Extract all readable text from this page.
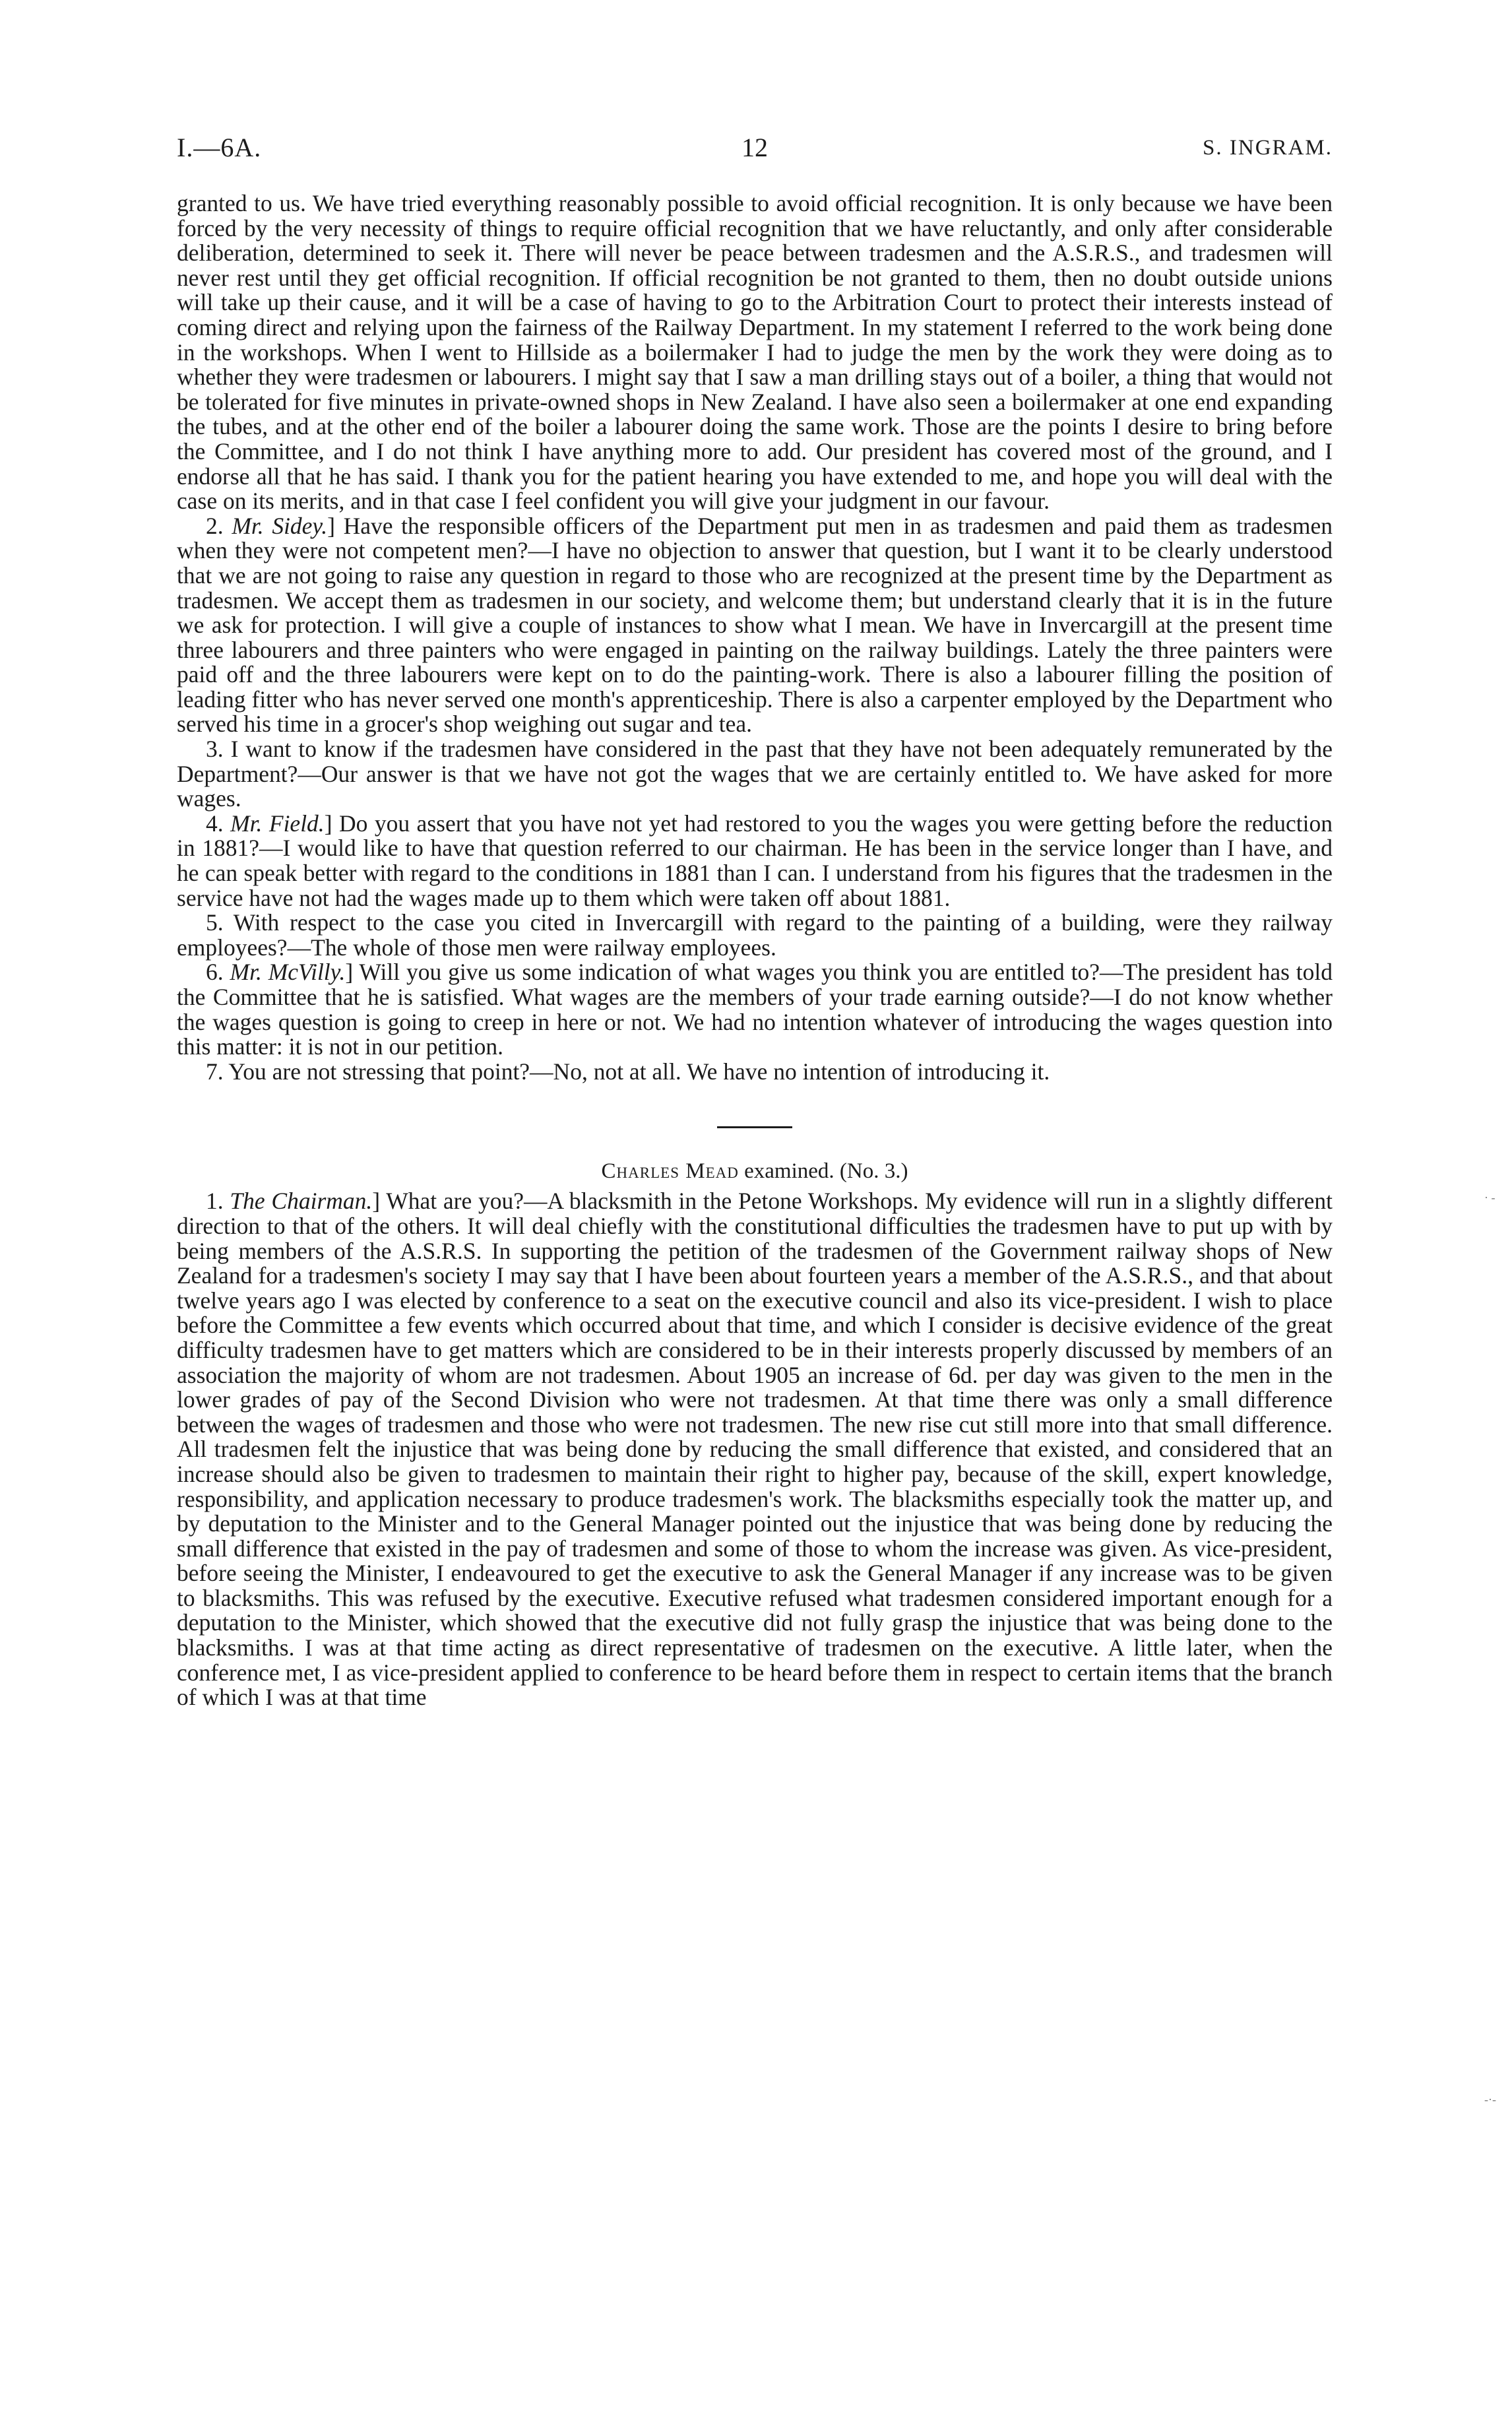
I.—6A.	12	S. INGRAM.

granted to us. We have tried everything reasonably possible to avoid official recognition. It is only because we have been forced by the very necessity of things to require official recognition that we have reluctantly, and only after considerable deliberation, determined to seek it. There will never be peace between tradesmen and the A.S.R.S., and tradesmen will never rest until they get official recognition. If official recognition be not granted to them, then no doubt outside unions will take up their cause, and it will be a case of having to go to the Arbitration Court to protect their interests instead of coming direct and relying upon the fairness of the Railway Department. In my statement I referred to the work being done in the workshops. When I went to Hillside as a boilermaker I had to judge the men by the work they were doing as to whether they were tradesmen or labourers. I might say that I saw a man drilling stays out of a boiler, a thing that would not be tolerated for five minutes in private-owned shops in New Zealand. I have also seen a boilermaker at one end expanding the tubes, and at the other end of the boiler a labourer doing the same work. Those are the points I desire to bring before the Committee, and I do not think I have anything more to add. Our president has covered most of the ground, and I endorse all that he has said. I thank you for the patient hearing you have extended to me, and hope you will deal with the case on its merits, and in that case I feel confident you will give your judgment in our favour.

2. Mr. Sidey.] Have the responsible officers of the Department put men in as tradesmen and paid them as tradesmen when they were not competent men?—I have no objection to answer that question, but I want it to be clearly understood that we are not going to raise any question in regard to those who are recognized at the present time by the Department as tradesmen. We accept them as tradesmen in our society, and welcome them; but understand clearly that it is in the future we ask for protection. I will give a couple of instances to show what I mean. We have in Invercargill at the present time three labourers and three painters who were engaged in painting on the railway buildings. Lately the three painters were paid off and the three labourers were kept on to do the painting-work. There is also a labourer filling the position of leading fitter who has never served one month's apprenticeship. There is also a carpenter employed by the Department who served his time in a grocer's shop weighing out sugar and tea.

3. I want to know if the tradesmen have considered in the past that they have not been adequately remunerated by the Department?—Our answer is that we have not got the wages that we are certainly entitled to. We have asked for more wages.

4. Mr. Field.] Do you assert that you have not yet had restored to you the wages you were getting before the reduction in 1881?—I would like to have that question referred to our chairman. He has been in the service longer than I have, and he can speak better with regard to the conditions in 1881 than I can. I understand from his figures that the tradesmen in the service have not had the wages made up to them which were taken off about 1881.

5. With respect to the case you cited in Invercargill with regard to the painting of a building, were they railway employees?—The whole of those men were railway employees.

6. Mr. McVilly.] Will you give us some indication of what wages you think you are entitled to?—The president has told the Committee that he is satisfied. What wages are the members of your trade earning outside?—I do not know whether the wages question is going to creep in here or not. We had no intention whatever of introducing the wages question into this matter: it is not in our petition.

7. You are not stressing that point?—No, not at all. We have no intention of introducing it.

Charles Mead examined. (No. 3.)

1. The Chairman.] What are you?—A blacksmith in the Petone Workshops. My evidence will run in a slightly different direction to that of the others. It will deal chiefly with the constitutional difficulties the tradesmen have to put up with by being members of the A.S.R.S. In supporting the petition of the tradesmen of the Government railway shops of New Zealand for a tradesmen's society I may say that I have been about fourteen years a member of the A.S.R.S., and that about twelve years ago I was elected by conference to a seat on the executive council and also its vice-president. I wish to place before the Committee a few events which occurred about that time, and which I consider is decisive evidence of the great difficulty tradesmen have to get matters which are considered to be in their interests properly discussed by members of an association the majority of whom are not tradesmen. About 1905 an increase of 6d. per day was given to the men in the lower grades of pay of the Second Division who were not tradesmen. At that time there was only a small difference between the wages of tradesmen and those who were not tradesmen. The new rise cut still more into that small difference. All tradesmen felt the injustice that was being done by reducing the small difference that existed, and considered that an increase should also be given to tradesmen to maintain their right to higher pay, because of the skill, expert knowledge, responsibility, and application necessary to produce tradesmen's work. The blacksmiths especially took the matter up, and by deputation to the Minister and to the General Manager pointed out the injustice that was being done by reducing the small difference that existed in the pay of tradesmen and some of those to whom the increase was given. As vice-president, before seeing the Minister, I endeavoured to get the executive to ask the General Manager if any increase was to be given to blacksmiths. This was refused by the executive. Executive refused what tradesmen considered important enough for a deputation to the Minister, which showed that the executive did not fully grasp the injustice that was being done to the blacksmiths. I was at that time acting as direct representative of tradesmen on the executive. A little later, when the conference met, I as vice-president applied to conference to be heard before them in respect to certain items that the branch of which I was at that time

· -
-·-
